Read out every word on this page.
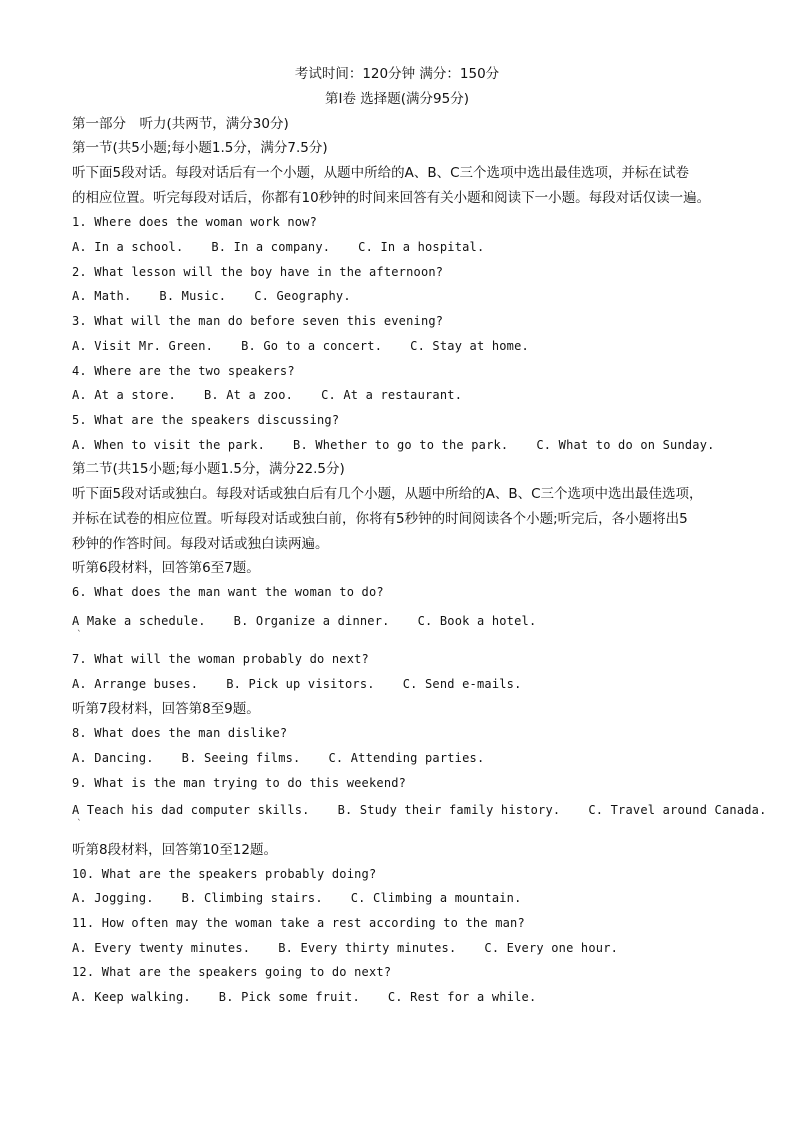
考试时间：120分钟 满分：150分
第Ⅰ卷 选择题(满分95分)
第一部分　听力(共两节，满分30分)
第一节(共5小题;每小题1.5分，满分7.5分)
听下面5段对话。每段对话后有一个小题，从题中所给的A、B、C三个选项中选出最佳选项，并标在试卷
的相应位置。听完每段对话后，你都有10秒钟的时间来回答有关小题和阅读下一小题。每段对话仅读一遍。
1. Where does the woman work now?
A. In a school. B. In a company. C. In a hospital.
2. What lesson will the boy have in the afternoon?
A. Math. B. Music. C. Geography.
3. What will the man do before seven this evening?
A. Visit Mr. Green. B. Go to a concert. C. Stay at home.
4. Where are the two speakers?
A. At a store. B. At a zoo. C. At a restaurant.
5. What are the speakers discussing?
A. When to visit the park. B. Whether to go to the park. C. What to do on Sunday.
第二节(共15小题;每小题1.5分，满分22.5分)
听下面5段对话或独白。每段对话或独白后有几个小题，从题中所给的A、B、C三个选项中选出最佳选项，
并标在试卷的相应位置。听每段对话或独白前，你将有5秒钟的时间阅读各个小题;听完后，各小题将出5
秒钟的作答时间。每段对话或独白读两遍。
听第6段材料，回答第6至7题。
6. What does the man want the woman to do?
A Make a schedule. B. Organize a dinner. C. Book a hotel.
ˋ
7. What will the woman probably do next?
A. Arrange buses. B. Pick up visitors. C. Send e-mails.
听第7段材料，回答第8至9题。
8. What does the man dislike?
A. Dancing. B. Seeing films. C. Attending parties.
9. What is the man trying to do this weekend?
A Teach his dad computer skills. B. Study their family history. C. Travel around Canada.
ˋ
听第8段材料，回答第10至12题。
10. What are the speakers probably doing?
A. Jogging. B. Climbing stairs. C. Climbing a mountain.
11. How often may the woman take a rest according to the man?
A. Every twenty minutes. B. Every thirty minutes. C. Every one hour.
12. What are the speakers going to do next?
A. Keep walking. B. Pick some fruit. C. Rest for a while.
